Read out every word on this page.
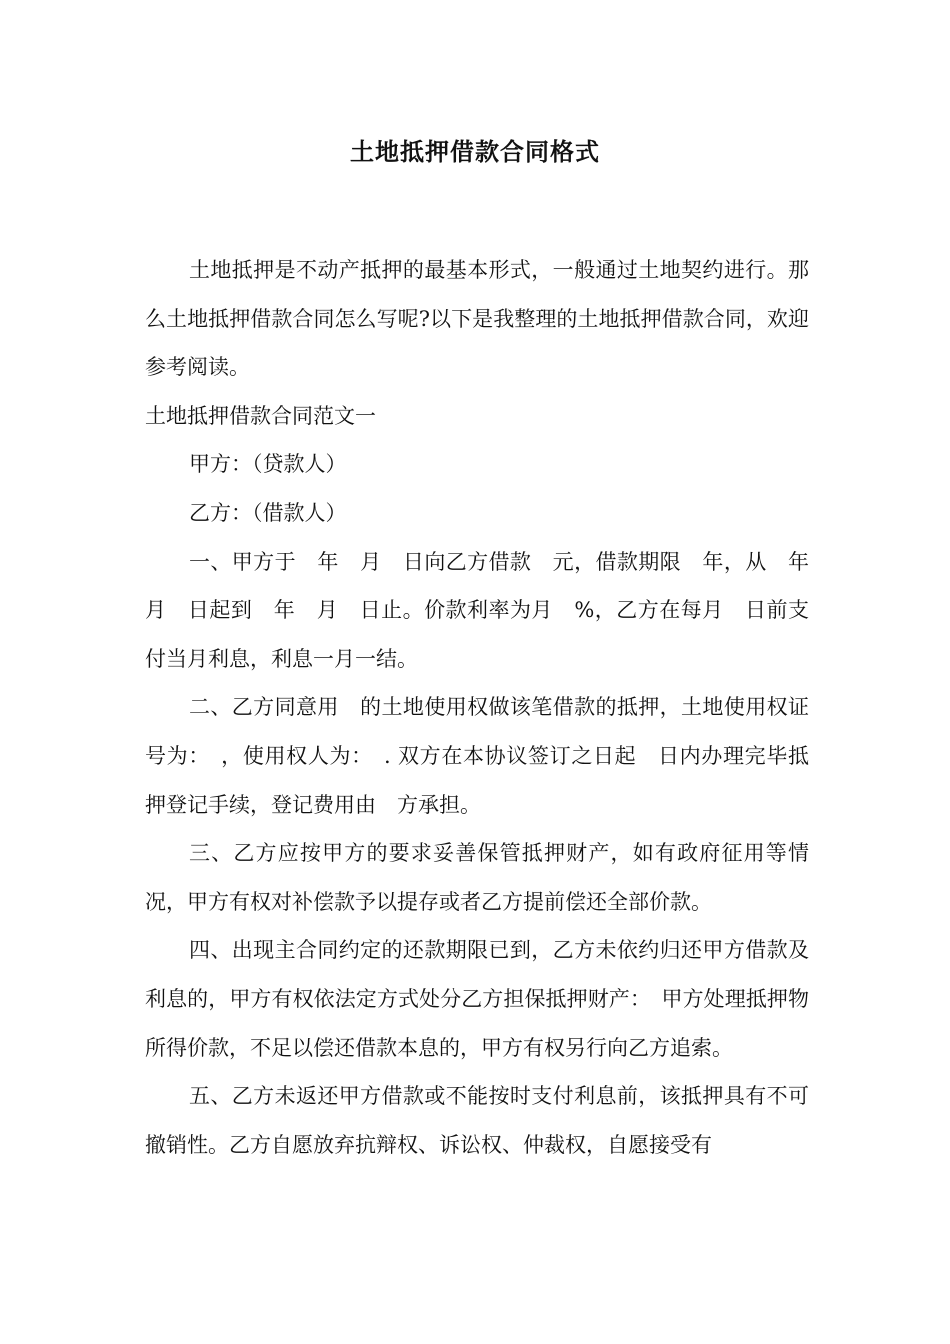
土地抵押借款合同格式

土地抵押是不动产抵押的最基本形式，一般通过土地契约进行。那么土地抵押借款合同怎么写呢?以下是我整理的土地抵押借款合同，欢迎参考阅读。

土地抵押借款合同范文一

甲方：（贷款人）

乙方：（借款人）

一、甲方于　年　月　日向乙方借款　元，借款期限　年，从　年　月　日起到　年　月　日止。价款利率为月　%，乙方在每月　日前支付当月利息，利息一月一结。

二、乙方同意用　的土地使用权做该笔借款的抵押，土地使用权证号为：　，使用权人为：　. 双方在本协议签订之日起　日内办理完毕抵押登记手续，登记费用由　方承担。

三、乙方应按甲方的要求妥善保管抵押财产，如有政府征用等情况，甲方有权对补偿款予以提存或者乙方提前偿还全部价款。

四、出现主合同约定的还款期限已到，乙方未依约归还甲方借款及利息的，甲方有权依法定方式处分乙方担保抵押财产：　甲方处理抵押物所得价款，不足以偿还借款本息的，甲方有权另行向乙方追索。

五、乙方未返还甲方借款或不能按时支付利息前，该抵押具有不可撤销性。乙方自愿放弃抗辩权、诉讼权、仲裁权，自愿接受有
